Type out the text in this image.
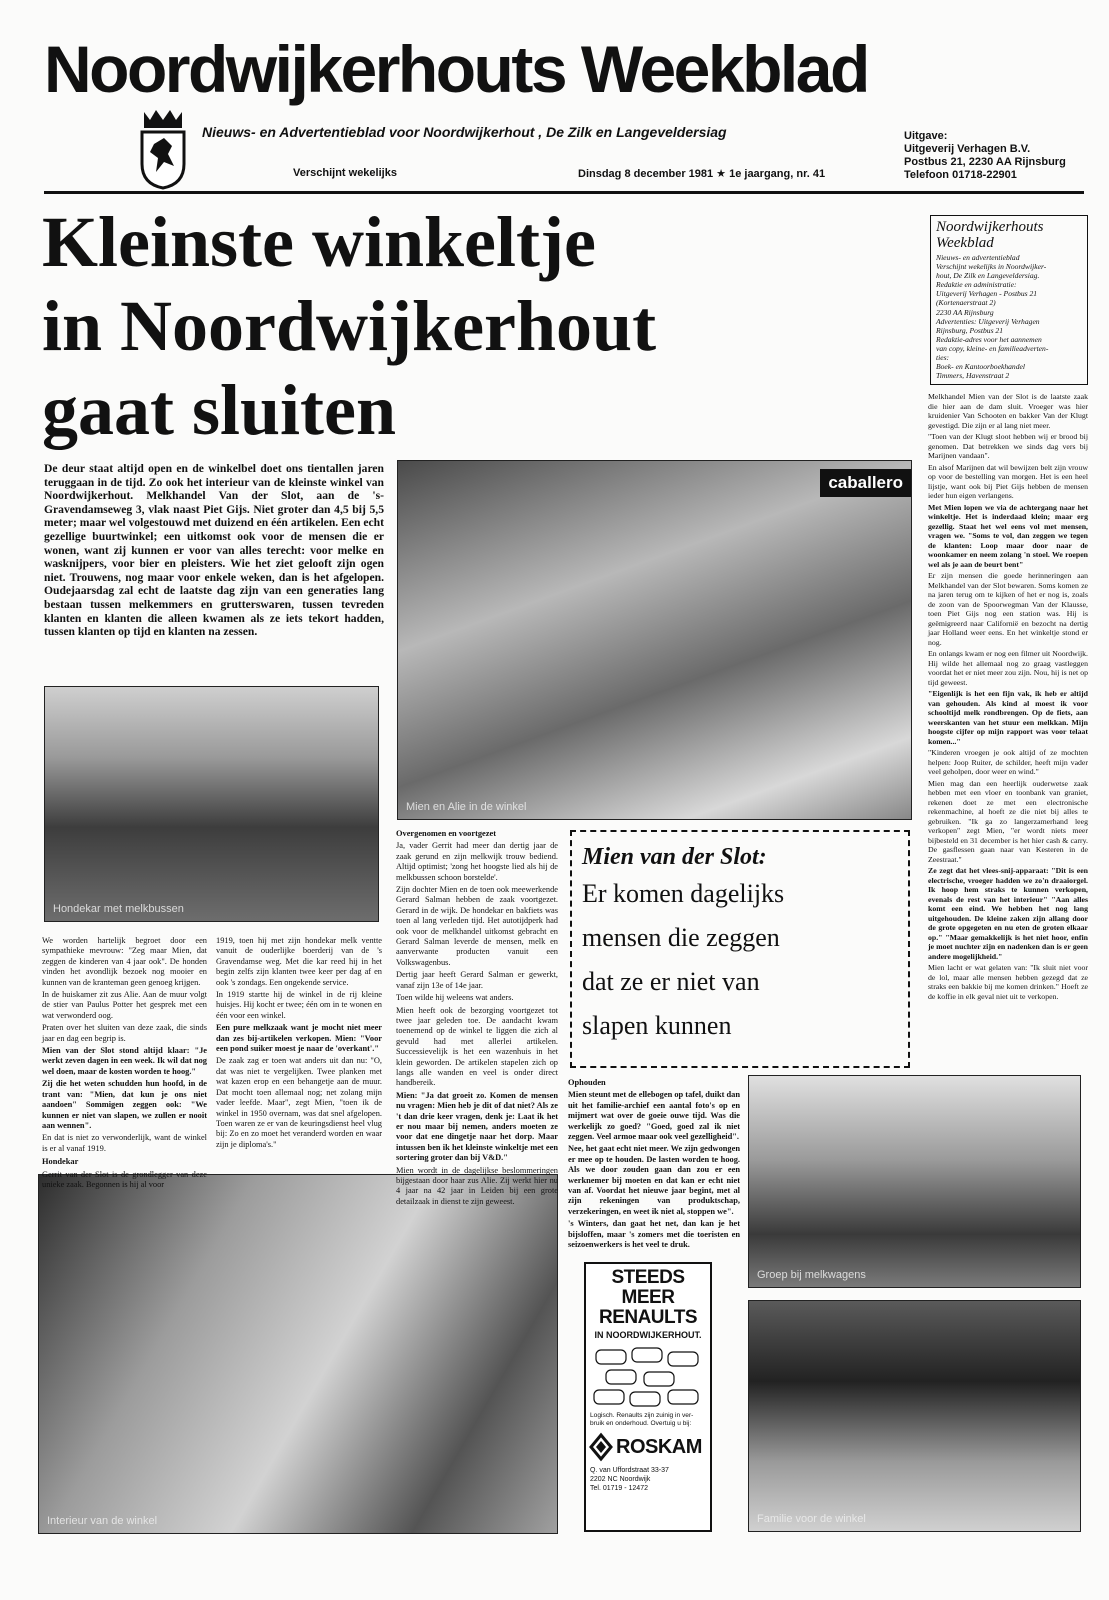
Noordwijkerhouts Weekblad
Nieuws- en Advertentieblad voor Noordwijkerhout , De Zilk en Langeveldersiag
Verschijnt wekelijks	Dinsdag 8 december 1981 ★ 1e jaargang, nr. 41
Uitgave:
Uitgeverij Verhagen B.V.
Postbus 21, 2230 AA Rijnsburg
Telefoon 01718-22901
Kleinste winkeltje
in Noordwijkerhout
gaat sluiten
Noordwijkerhouts
Weekblad
Nieuws- en advertentieblad
Verschijnt wekelijks in Noordwijker-
hout, De Zilk en Langeveldersiag.
Redaktie en administratie:
Uitgeverij Verhagen - Postbus 21
(Kortenaerstraat 2)
2230 AA Rijnsburg
Advertenties: Uitgeverij Verhagen
Rijnsburg, Postbus 21
Redaktie-adres voor het aannemen
van copy, kleine- en familieadverten-
ties:
Boek- en Kantoorboekhandel
Timmers, Havenstraat 2

Melkhandel Mien van der Slot is de laatste zaak die hier aan de dam sluit. Vroeger was hier kruidenier Van Schooten en bakker Van der Klugt gevestigd. Die zijn er al lang niet meer.

"Toen van der Klugt sloot hebben wij er brood bij genomen. Dat betrekken we sinds dag vers bij Marijnen vandaan".

En alsof Marijnen dat wil bewijzen belt zijn vrouw op voor de bestelling van morgen. Het is een heel lijstje, want ook bij Piet Gijs hebben de mensen ieder hun eigen verlangens.

Met Mien lopen we via de achtergang naar het winkeltje. Het is inderdaad klein; maar erg gezellig. Staat het wel eens vol met mensen, vragen we. "Soms te vol, dan zeggen we tegen de klanten: Loop maar door naar de woonkamer en neem zolang 'n stoel. We roepen wel als je aan de beurt bent"

Er zijn mensen die goede herinneringen aan Melkhandel van der Slot bewaren. Soms komen ze na jaren terug om te kijken of het er nog is, zoals de zoon van de Spoorwegman Van der Klausse, toen Piet Gijs nog een station was. Hij is geëmigreerd naar Californië en bezocht na dertig jaar Holland weer eens. En het winkeltje stond er nog.

En onlangs kwam er nog een filmer uit Noordwijk. Hij wilde het allemaal nog zo graag vastleggen voordat het er niet meer zou zijn. Nou, hij is net op tijd geweest.

"Eigenlijk is het een fijn vak, ik heb er altijd van gehouden. Als kind al moest ik voor schooltijd melk rondbrengen. Op de fiets, aan weerskanten van het stuur een melkkan. Mijn hoogste cijfer op mijn rapport was voor telaat komen..."

"Kinderen vroegen je ook altijd of ze mochten helpen: Joop Ruiter, de schilder, heeft mijn vader veel geholpen, door weer en wind."

Mien mag dan een heerlijk ouderwetse zaak hebben met een vloer en toonbank van graniet, rekenen doet ze met een electronische rekenmachine, al hoeft ze die niet bij alles te gebruiken. "Ik ga zo langerzamerhand leeg verkopen" zegt Mien, "er wordt niets meer bijbesteld en 31 december is het hier cash & carry. De gasflessen gaan naar van Kesteren in de Zeestraat."

Ze zegt dat het vlees-snij-apparaat: "Dit is een electrische, vroeger hadden we zo'n draaiorgel. Ik hoop hem straks te kunnen verkopen, evenals de rest van het interieur" "Aan alles komt een eind. We hebben het nog lang uitgehouden. De kleine zaken zijn allang door de grote opgegeten en nu eten de groten elkaar op." "Maar gemakkelijk is het niet hoor, enfin je moet nuchter zijn en nadenken dan is er geen andere mogelijkheid."

Mien lacht er wat gelaten van: "Ik sluit niet voor de lol, maar alle mensen hebben gezegd dat ze straks een bakkie bij me komen drinken." Hoeft ze de koffie in elk geval niet uit te verkopen.

De deur staat altijd open en de winkelbel doet ons tientallen jaren teruggaan in de tijd. Zo ook het interieur van de kleinste winkel van Noordwijkerhout. Melkhandel Van der Slot, aan de 's-Gravendamseweg 3, vlak naast Piet Gijs. Niet groter dan 4,5 bij 5,5 meter; maar wel volgestouwd met duizend en één artikelen. Een echt gezellige buurtwinkel; een uitkomst ook voor de mensen die er wonen, want zij kunnen er voor van alles terecht: voor melke en wasknijpers, voor bier en pleisters. Wie het ziet gelooft zijn ogen niet. Trouwens, nog maar voor enkele weken, dan is het afgelopen. Oudejaarsdag zal echt de laatste dag zijn van een generaties lang bestaan tussen melkemmers en grutterswaren, tussen tevreden klanten en klanten die alleen kwamen als ze iets tekort hadden, tussen klanten op tijd en klanten na zessen.
caballero
Mien en Alie in de winkel
Hondekar met melkbussen
Interieur van de winkel
Groep bij melkwagens
Familie voor de winkel

We worden hartelijk begroet door een sympathieke mevrouw: "Zeg maar Mien, dat zeggen de kinderen van 4 jaar ook". De honden vinden het avondlijk bezoek nog mooier en kunnen van de kranteman geen genoeg krijgen.

In de huiskamer zit zus Alie. Aan de muur volgt de stier van Paulus Potter het gesprek met een wat verwonderd oog.

Praten over het sluiten van deze zaak, die sinds jaar en dag een begrip is.

Mien van der Slot stond altijd klaar: "Je werkt zeven dagen in een week. Ik wil dat nog wel doen, maar de kosten worden te hoog."

Zij die het weten schudden hun hoofd, in de trant van: "Mien, dat kun je ons niet aandoen" Sommigen zeggen ook: "We kunnen er niet van slapen, we zullen er nooit aan wennen".

En dat is niet zo verwonderlijk, want de winkel is er al vanaf 1919.

Hondekar

Gerrit van der Slot is de grondlegger van deze unieke zaak. Begonnen is hij al voor

1919, toen hij met zijn hondekar melk ventte vanuit de ouderlijke boerderij van de 's Gravendamse weg. Met die kar reed hij in het begin zelfs zijn klanten twee keer per dag af en ook 's zondags. Een ongekende service.

In 1919 startte hij de winkel in de rij kleine huisjes. Hij kocht er twee; één om in te wonen en één voor een winkel.

Een pure melkzaak want je mocht niet meer dan zes bij-artikelen verkopen. Mien: "Voor een pond suiker moest je naar de 'overkant'."

De zaak zag er toen wat anders uit dan nu: "O, dat was niet te vergelijken. Twee planken met wat kazen erop en een behangetje aan de muur. Dat mocht toen allemaal nog; net zolang mijn vader leefde. Maar", zegt Mien, "toen ik de winkel in 1950 overnam, was dat snel afgelopen. Toen waren ze er van de keuringsdienst heel vlug bij: Zo en zo moet het veranderd worden en waar zijn je diploma's."

Overgenomen en voortgezet

Ja, vader Gerrit had meer dan dertig jaar de zaak gerund en zijn melkwijk trouw bediend. Altijd optimist; 'zong het hoogste lied als hij de melkbussen schoon borstelde'.

Zijn dochter Mien en de toen ook meewerkende Gerard Salman hebben de zaak voortgezet. Gerard in de wijk. De hondekar en bakfiets was toen al lang verleden tijd. Het autotijdperk had ook voor de melkhandel uitkomst gebracht en Gerard Salman leverde de mensen, melk en aanverwante producten vanuit een Volkswagenbus.

Dertig jaar heeft Gerard Salman er gewerkt, vanaf zijn 13e of 14e jaar.

Toen wilde hij weleens wat anders.

Mien heeft ook de bezorging voortgezet tot twee jaar geleden toe. De aandacht kwam toenemend op de winkel te liggen die zich al gevuld had met allerlei artikelen. Successievelijk is het een wazenhuis in het klein geworden. De artikelen stapelen zich op langs alle wanden en veel is onder direct handbereik.

Mien: "Ja dat groeit zo. Komen de mensen nu vragen: Mien heb je dit of dat niet? Als ze 't dan drie keer vragen, denk je: Laat ik het er nou maar bij nemen, anders moeten ze voor dat ene dingetje naar het dorp. Maar intussen ben ik het kleinste winkeltje met een sortering groter dan bij V&D."

Mien wordt in de dagelijkse beslommeringen bijgestaan door haar zus Alie. Zij werkt hier nu 4 jaar na 42 jaar in Leiden bij een grote detailzaak in dienst te zijn geweest.

Mien van der Slot:
Er komen dagelijks
mensen die zeggen
dat ze er niet van
slapen kunnen

Ophouden

Mien steunt met de ellebogen op tafel, duikt dan uit het familie-archief een aantal foto's op en mijmert wat over de goeie ouwe tijd. Was die werkelijk zo goed? "Goed, goed zal ik niet zeggen. Veel armoe maar ook veel gezelligheid".

Nee, het gaat echt niet meer. We zijn gedwongen er mee op te houden. De lasten worden te hoog. Als we door zouden gaan dan zou er een werknemer bij moeten en dat kan er echt niet van af. Voordat het nieuwe jaar begint, met al zijn rekeningen van produktschap, verzekeringen, en weet ik niet al, stoppen we".

's Winters, dan gaat het net, dan kan je het bijsloffen, maar 's zomers met die toeristen en seizoenwerkers is het veel te druk.

STEEDS
MEER
RENAULTS
IN NOORDWIJKERHOUT.
Logisch. Renaults zijn zuinig in ver-
bruik en onderhoud. Overtuig u bij:
ROSKAM
Q. van Uffordstraat 33-37
2202 NC Noordwijk
Tel. 01719 - 12472
